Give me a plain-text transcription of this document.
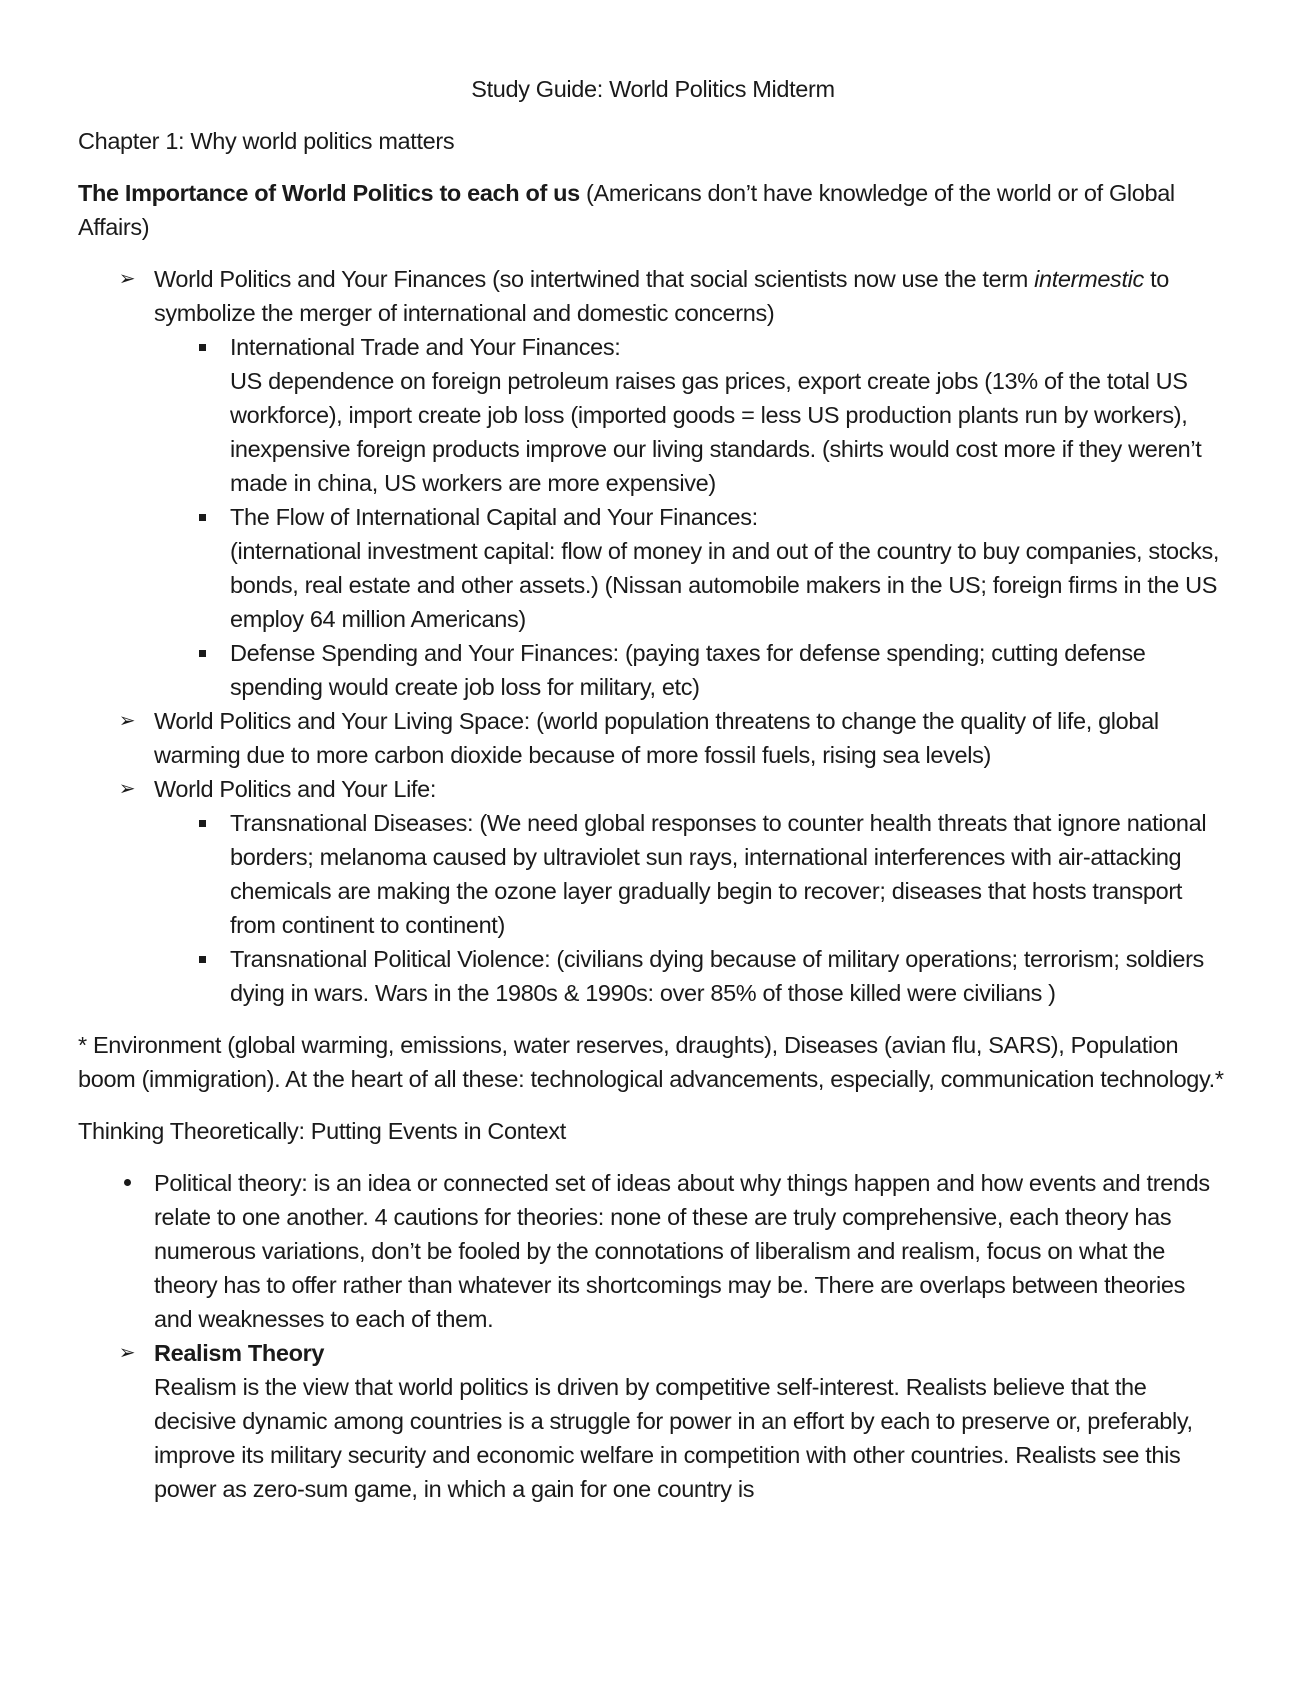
Study Guide: World Politics Midterm

Chapter 1: Why world politics matters

The Importance of World Politics to each of us (Americans don’t have knowledge of the world or of Global Affairs)

➢ World Politics and Your Finances (so intertwined that social scientists now use the term intermestic to symbolize the merger of international and domestic concerns)
International Trade and Your Finances:
US dependence on foreign petroleum raises gas prices, export create jobs (13% of the total US workforce), import create job loss (imported goods = less US production plants run by workers), inexpensive foreign products improve our living standards. (shirts would cost more if they weren’t made in china, US workers are more expensive)
The Flow of International Capital and Your Finances:
(international investment capital: flow of money in and out of the country to buy companies, stocks, bonds, real estate and other assets.) (Nissan automobile makers in the US; foreign firms in the US employ 64 million Americans)
Defense Spending and Your Finances: (paying taxes for defense spending; cutting defense spending would create job loss for military, etc)
➢ World Politics and Your Living Space: (world population threatens to change the quality of life, global warming due to more carbon dioxide because of more fossil fuels, rising sea levels)
➢ World Politics and Your Life:
Transnational Diseases: (We need global responses to counter health threats that ignore national borders; melanoma caused by ultraviolet sun rays, international interferences with air-attacking chemicals are making the ozone layer gradually begin to recover; diseases that hosts transport from continent to continent)
Transnational Political Violence: (civilians dying because of military operations; terrorism; soldiers dying in wars. Wars in the 1980s & 1990s: over 85% of those killed were civilians )

* Environment (global warming, emissions, water reserves, draughts), Diseases (avian flu, SARS), Population boom (immigration). At the heart of all these: technological advancements, especially, communication technology.*

Thinking Theoretically: Putting Events in Context

Political theory: is an idea or connected set of ideas about why things happen and how events and trends relate to one another. 4 cautions for theories: none of these are truly comprehensive, each theory has numerous variations, don’t be fooled by the connotations of liberalism and realism, focus on what the theory has to offer rather than whatever its shortcomings may be. There are overlaps between theories and weaknesses to each of them.
➢ Realism Theory
Realism is the view that world politics is driven by competitive self-interest. Realists believe that the decisive dynamic among countries is a struggle for power in an effort by each to preserve or, preferably, improve its military security and economic welfare in competition with other countries. Realists see this power as zero-sum game, in which a gain for one country is
